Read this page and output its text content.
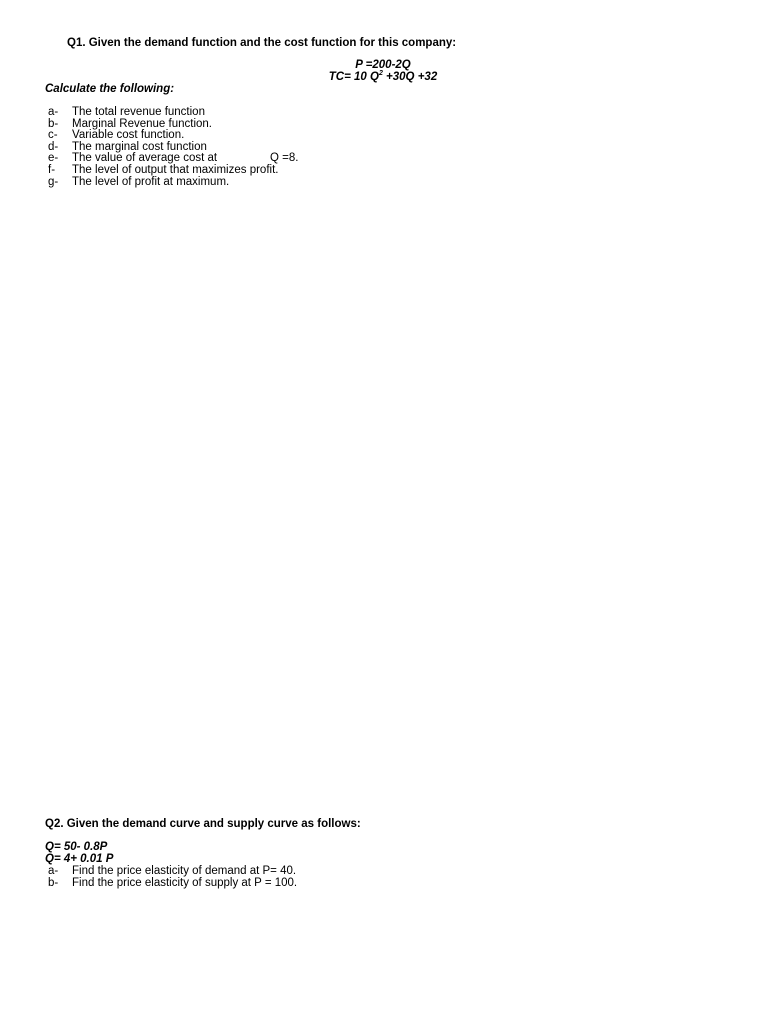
Q1. Given the demand function and the cost function for this company:
P =200-2Q
TC= 10 $Q^2 +30Q +32$
Calculate the following:
a- The total revenue function
b- Marginal Revenue function.
c- Variable cost function.
d- The marginal cost function
e- The value of average cost at	Q =8.
f- The level of output that maximizes profit.
g- The level of profit at maximum.
Q2. Given the demand curve and supply curve as follows:
Q= 50- 0.8P
Q= 4+ 0.01 P
a- Find the price elasticity of demand at P= 40.
b- Find the price elasticity of supply at P = 100.
